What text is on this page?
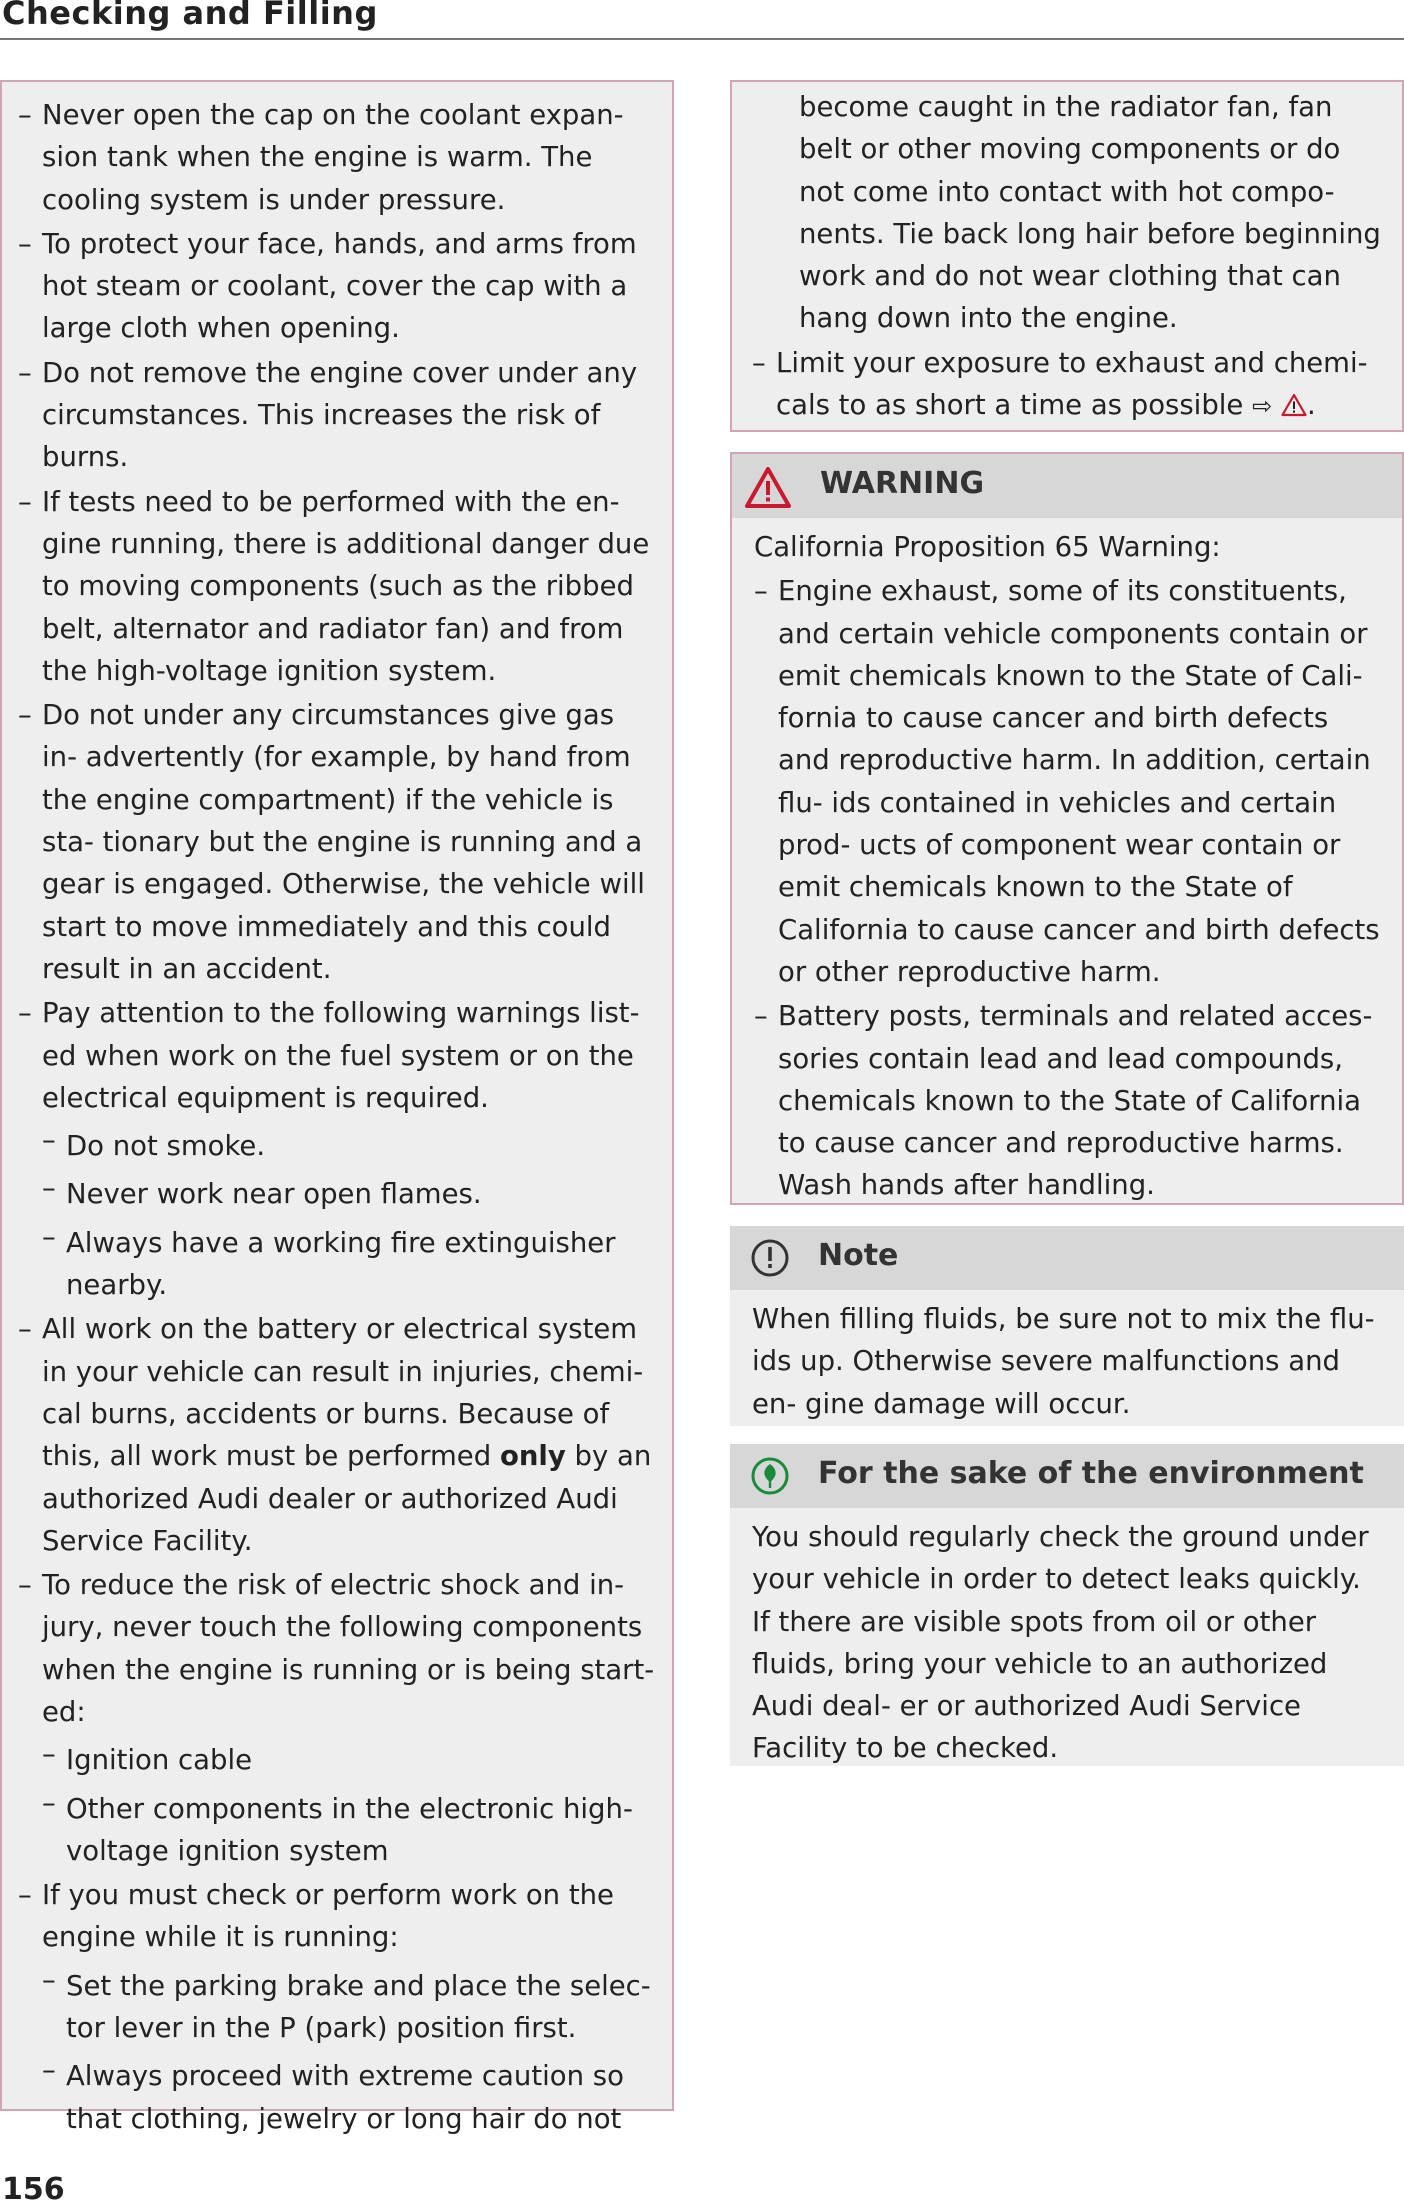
Checking and Filling
– Never open the cap on the coolant expan- sion tank when the engine is warm. The cooling system is under pressure.
– To protect your face, hands, and arms from hot steam or coolant, cover the cap with a large cloth when opening.
– Do not remove the engine cover under any circumstances. This increases the risk of burns.
– If tests need to be performed with the en- gine running, there is additional danger due to moving components (such as the ribbed belt, alternator and radiator fan) and from the high-voltage ignition system.
– Do not under any circumstances give gas in- advertently (for example, by hand from the engine compartment) if the vehicle is sta- tionary but the engine is running and a gear is engaged. Otherwise, the vehicle will start to move immediately and this could result in an accident.
– Pay attention to the following warnings list- ed when work on the fuel system or on the electrical equipment is required.
– Do not smoke.
– Never work near open flames.
– Always have a working fire extinguisher nearby.
– All work on the battery or electrical system in your vehicle can result in injuries, chemi- cal burns, accidents or burns. Because of this, all work must be performed only by an authorized Audi dealer or authorized Audi Service Facility.
– To reduce the risk of electric shock and in- jury, never touch the following components when the engine is running or is being start- ed:
– Ignition cable
– Other components in the electronic high- voltage ignition system
– If you must check or perform work on the engine while it is running:
– Set the parking brake and place the selec- tor lever in the P (park) position first.
– Always proceed with extreme caution so that clothing, jewelry or long hair do not
become caught in the radiator fan, fan belt or other moving components or do not come into contact with hot compo- nents. Tie back long hair before beginning work and do not wear clothing that can hang down into the engine.
– Limit your exposure to exhaust and chemi- cals to as short a time as possible ⇨ .
WARNING
California Proposition 65 Warning:
– Engine exhaust, some of its constituents, and certain vehicle components contain or emit chemicals known to the State of Cali- fornia to cause cancer and birth defects and reproductive harm. In addition, certain flu- ids contained in vehicles and certain prod- ucts of component wear contain or emit chemicals known to the State of California to cause cancer and birth defects or other reproductive harm.
– Battery posts, terminals and related acces- sories contain lead and lead compounds, chemicals known to the State of California to cause cancer and reproductive harms. Wash hands after handling.
Note
When filling fluids, be sure not to mix the flu- ids up. Otherwise severe malfunctions and en- gine damage will occur.
For the sake of the environment
You should regularly check the ground under your vehicle in order to detect leaks quickly. If there are visible spots from oil or other fluids, bring your vehicle to an authorized Audi deal- er or authorized Audi Service Facility to be checked.
156
